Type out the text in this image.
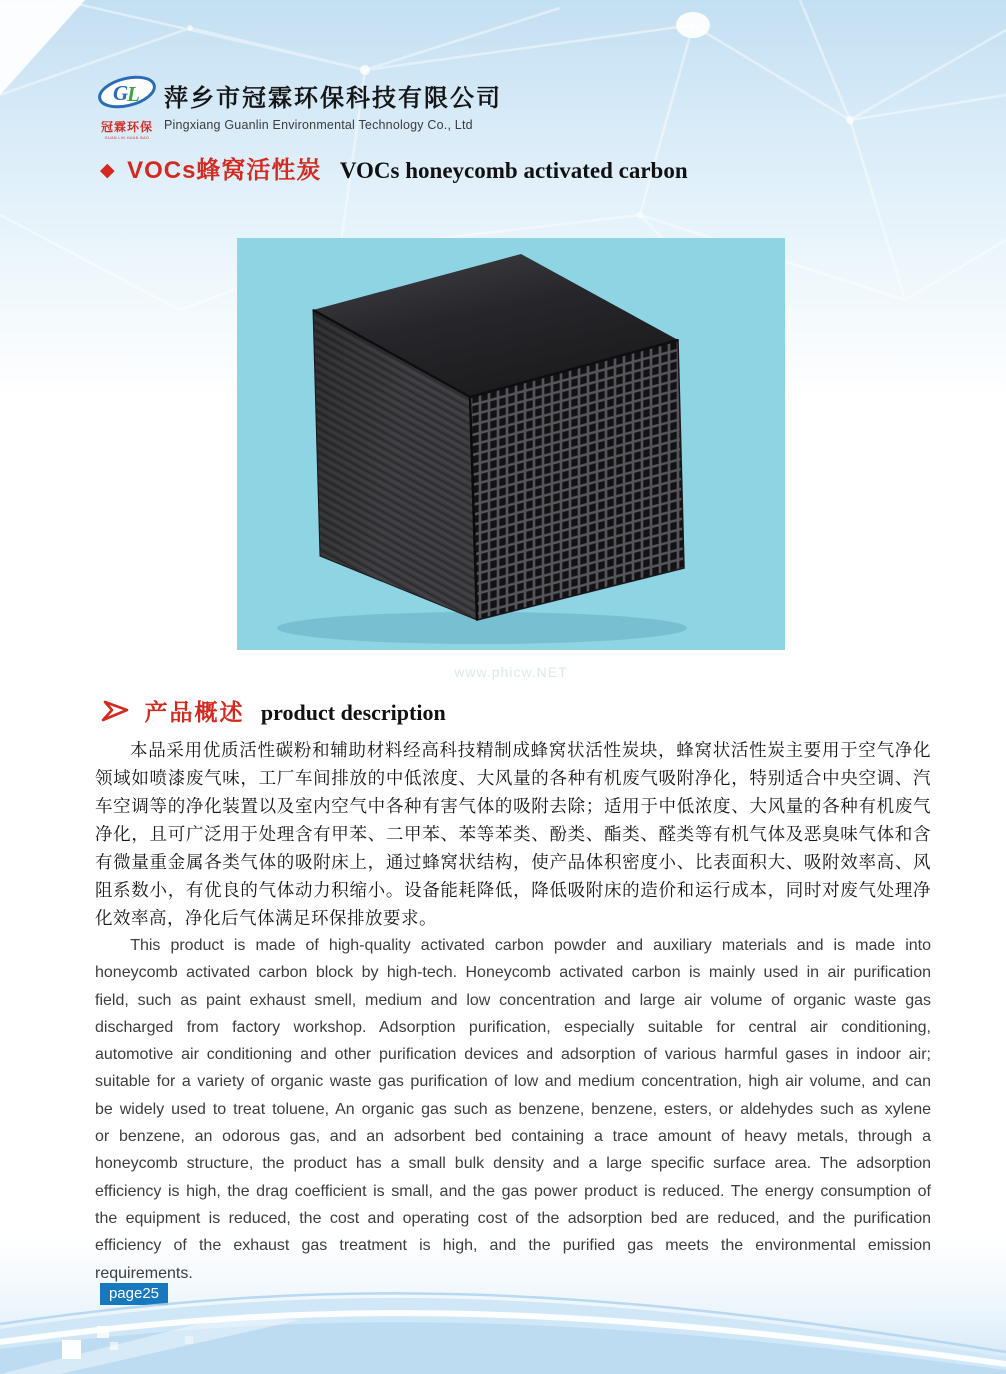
G
L
冠霖环保
GUAN LIN HUAN BAO
萍乡市冠霖环保科技有限公司
Pingxiang Guanlin Environmental Technology Co., Ltd
◆ VOCs蜂窝活性炭 VOCs honeycomb activated carbon
www.phicw.NET
产品概述 product description

本品采用优质活性碳粉和辅助材料经高科技精制成蜂窝状活性炭块，蜂窝状活性炭主要用于空气净化领域如喷漆废气味，工厂车间排放的中低浓度、大风量的各种有机废气吸附净化，特别适合中央空调、汽车空调等的净化装置以及室内空气中各种有害气体的吸附去除；适用于中低浓度、大风量的各种有机废气净化，且可广泛用于处理含有甲苯、二甲苯、苯等苯类、酚类、酯类、醛类等有机气体及恶臭味气体和含有微量重金属各类气体的吸附床上，通过蜂窝状结构，使产品体积密度小、比表面积大、吸附效率高、风阻系数小，有优良的气体动力积缩小。设备能耗降低，降低吸附床的造价和运行成本，同时对废气处理净化效率高，净化后气体满足环保排放要求。

This product is made of high-quality activated carbon powder and auxiliary materials and is made into honeycomb activated carbon block by high-tech. Honeycomb activated carbon is mainly used in air purification field, such as paint exhaust smell, medium and low concentration and large air volume of organic waste gas discharged from factory workshop. Adsorption purification, especially suitable for central air conditioning, automotive air conditioning and other purification devices and adsorption of various harmful gases in indoor air; suitable for a variety of organic waste gas purification of low and medium concentration, high air volume, and can be widely used to treat toluene, An organic gas such as benzene, benzene, esters, or aldehydes such as xylene or benzene, an odorous gas, and an adsorbent bed containing a trace amount of heavy metals, through a honeycomb structure, the product has a small bulk density and a large specific surface area. The adsorption efficiency is high, the drag coefficient is small, and the gas power product is reduced. The energy consumption of the equipment is reduced, the cost and operating cost of the adsorption bed are reduced, and the purification efficiency of the exhaust gas treatment is high, and the purified gas meets the environmental emission requirements.

page25
